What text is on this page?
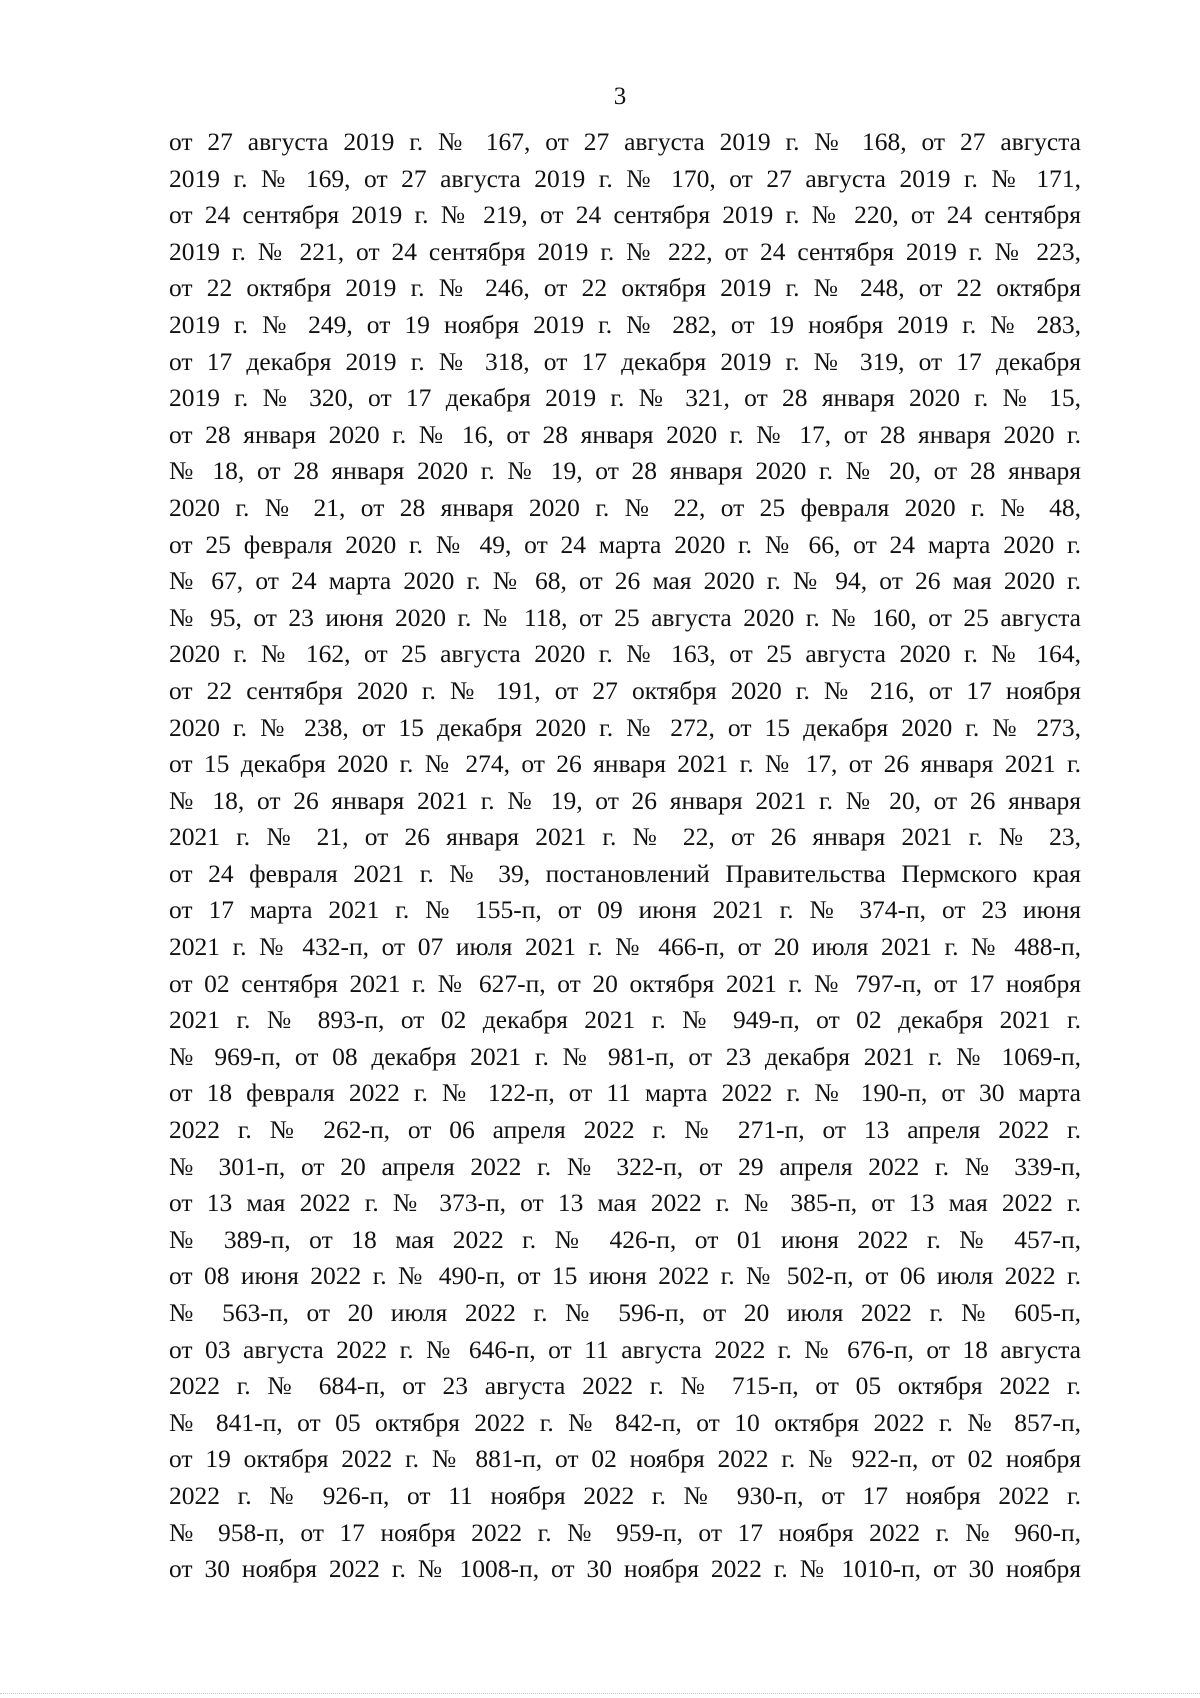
3
от 27 августа 2019 г. № 167, от 27 августа 2019 г. № 168, от 27 августа
2019 г. № 169, от 27 августа 2019 г. № 170, от 27 августа 2019 г. № 171,
от 24 сентября 2019 г. № 219, от 24 сентября 2019 г. № 220, от 24 сентября
2019 г. № 221, от 24 сентября 2019 г. № 222, от 24 сентября 2019 г. № 223,
от 22 октября 2019 г. № 246, от 22 октября 2019 г. № 248, от 22 октября
2019 г. № 249, от 19 ноября 2019 г. № 282, от 19 ноября 2019 г. № 283,
от 17 декабря 2019 г. № 318, от 17 декабря 2019 г. № 319, от 17 декабря
2019 г. № 320, от 17 декабря 2019 г. № 321, от 28 января 2020 г. № 15,
от 28 января 2020 г. № 16, от 28 января 2020 г. № 17, от 28 января 2020 г.
№ 18, от 28 января 2020 г. № 19, от 28 января 2020 г. № 20, от 28 января
2020 г. № 21, от 28 января 2020 г. № 22, от 25 февраля 2020 г. № 48,
от 25 февраля 2020 г. № 49, от 24 марта 2020 г. № 66, от 24 марта 2020 г.
№ 67, от 24 марта 2020 г. № 68, от 26 мая 2020 г. № 94, от 26 мая 2020 г.
№ 95, от 23 июня 2020 г. № 118, от 25 августа 2020 г. № 160, от 25 августа
2020 г. № 162, от 25 августа 2020 г. № 163, от 25 августа 2020 г. № 164,
от 22 сентября 2020 г. № 191, от 27 октября 2020 г. № 216, от 17 ноября
2020 г. № 238, от 15 декабря 2020 г. № 272, от 15 декабря 2020 г. № 273,
от 15 декабря 2020 г. № 274, от 26 января 2021 г. № 17, от 26 января 2021 г.
№ 18, от 26 января 2021 г. № 19, от 26 января 2021 г. № 20, от 26 января
2021 г. № 21, от 26 января 2021 г. № 22, от 26 января 2021 г. № 23,
от 24 февраля 2021 г. № 39, постановлений Правительства Пермского края
от 17 марта 2021 г. № 155-п, от 09 июня 2021 г. № 374-п, от 23 июня
2021 г. № 432-п, от 07 июля 2021 г. № 466-п, от 20 июля 2021 г. № 488-п,
от 02 сентября 2021 г. № 627-п, от 20 октября 2021 г. № 797-п, от 17 ноября
2021 г. № 893-п, от 02 декабря 2021 г. № 949-п, от 02 декабря 2021 г.
№ 969-п, от 08 декабря 2021 г. № 981-п, от 23 декабря 2021 г. № 1069-п,
от 18 февраля 2022 г. № 122-п, от 11 марта 2022 г. № 190-п, от 30 марта
2022 г. № 262-п, от 06 апреля 2022 г. № 271-п, от 13 апреля 2022 г.
№ 301-п, от 20 апреля 2022 г. № 322-п, от 29 апреля 2022 г. № 339-п,
от 13 мая 2022 г. № 373-п, от 13 мая 2022 г. № 385-п, от 13 мая 2022 г.
№ 389-п, от 18 мая 2022 г. № 426-п, от 01 июня 2022 г. № 457-п,
от 08 июня 2022 г. № 490-п, от 15 июня 2022 г. № 502-п, от 06 июля 2022 г.
№ 563-п, от 20 июля 2022 г. № 596-п, от 20 июля 2022 г. № 605-п,
от 03 августа 2022 г. № 646-п, от 11 августа 2022 г. № 676-п, от 18 августа
2022 г. № 684-п, от 23 августа 2022 г. № 715-п, от 05 октября 2022 г.
№ 841-п, от 05 октября 2022 г. № 842-п, от 10 октября 2022 г. № 857-п,
от 19 октября 2022 г. № 881-п, от 02 ноября 2022 г. № 922-п, от 02 ноября
2022 г. № 926-п, от 11 ноября 2022 г. № 930-п, от 17 ноября 2022 г.
№ 958-п, от 17 ноября 2022 г. № 959-п, от 17 ноября 2022 г. № 960-п,
от 30 ноября 2022 г. № 1008-п, от 30 ноября 2022 г. № 1010-п, от 30 ноября
